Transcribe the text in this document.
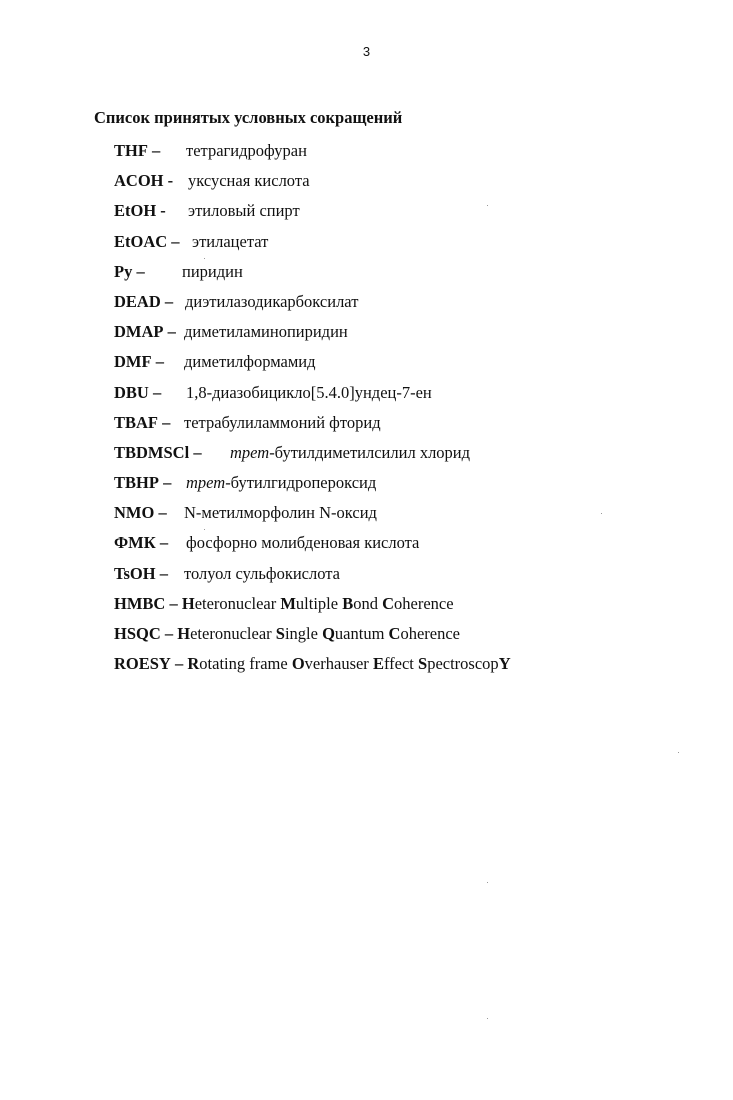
3
Список принятых условных сокращений
THF – тетрагидрофуран
ACOH - уксусная кислота
EtOH - этиловый спирт
EtOAC – этилацетат
Py – пиридин
DEAD – диэтилазодикарбоксилат
DMAP – диметиламинопиридин
DMF – диметилформамид
DBU – 1,8-диазобицикло[5.4.0]ундец-7-ен
TBAF – тетрабулиламмоний фторид
TBDMSCl – трет-бутилдиметилсилил хлорид
TBHP – трет-бутилгидропероксид
NMO – N-метилморфолин N-оксид
ФМК – фосфорно молибденовая кислота
TsOH – толуол сульфокислота
HMBC – Heteronuclear Multiple Bond Coherence
HSQC – Heteronuclear Single Quantum Coherence
ROESY – Rotating frame Overhauser Effect SpectroscopY
